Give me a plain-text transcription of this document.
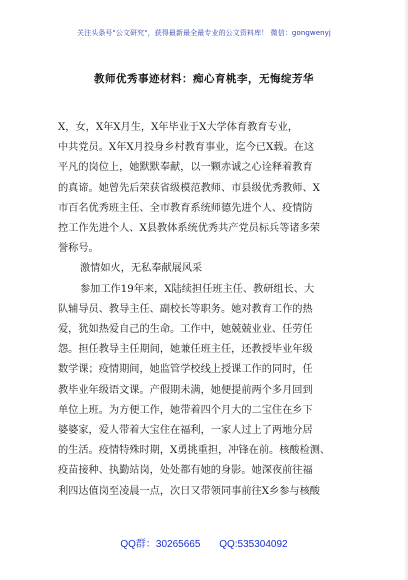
关注头条号"公文研究"，获得最新最全最专业的公文资料库！ 微信：gongwenyj
教师优秀事迹材料：痴心育桃李，无悔绽芳华
X，女，X年X月生，X年毕业于X大学体育教育专业，
中共党员。X年X月投身乡村教育事业，迄今已X载。在这
平凡的岗位上，她默默奉献，以一颗赤诚之心诠释着教育
的真谛。她曾先后荣获省级模范教师、市县级优秀教师、X
市百名优秀班主任、全市教育系统师德先进个人、疫情防
控工作先进个人、X县教体系统优秀共产党员标兵等诸多荣
誉称号。
激情如火，无私奉献展风采
参加工作19年来，X陆续担任班主任、教研组长、大
队辅导员、教导主任、副校长等职务。她对教育工作的热
爱，犹如热爱自己的生命。工作中，她兢兢业业、任劳任
怨。担任教导主任期间，她兼任班主任，还教授毕业年级
数学课；疫情期间，她监管学校线上授课工作的同时，任
教毕业年级语文课。产假期未满，她便提前两个多月回到
单位上班。为方便工作，她带着四个月大的二宝住在乡下
婆婆家，爱人带着大宝住在福利，一家人过上了两地分居
的生活。疫情特殊时期，X勇挑重担，冲锋在前。核酸检测、
疫苗接种、执勤站岗，处处都有她的身影。她深夜前往福
利四达值岗至凌晨一点，次日又带领同事前往X乡参与核酸
QQ群：30265665 QQ:535304092
